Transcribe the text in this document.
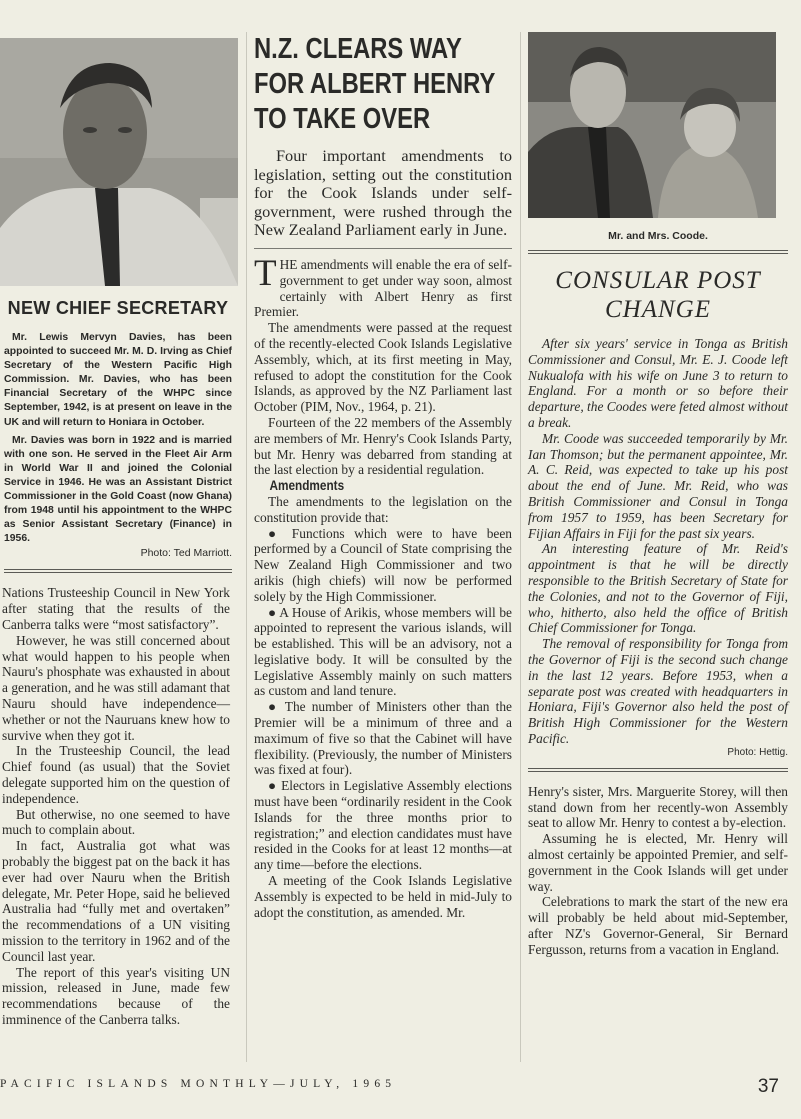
NEW CHIEF SECRETARY

Mr. Lewis Mervyn Davies, has been appointed to succeed Mr. M. D. Irving as Chief Secretary of the Western Pacific High Commission. Mr. Davies, who has been Financial Secretary of the WHPC since September, 1942, is at present on leave in the UK and will return to Honiara in October.

Mr. Davies was born in 1922 and is married with one son. He served in the Fleet Air Arm in World War II and joined the Colonial Service in 1946. He was an Assistant District Commissioner in the Gold Coast (now Ghana) from 1948 until his appointment to the WHPC as Senior Assistant Secretary (Finance) in 1956.

Photo: Ted Marriott.

Nations Trusteeship Council in New York after stating that the results of the Canberra talks were “most satisfactory”.

However, he was still concerned about what would happen to his people when Nauru's phosphate was exhausted in about a generation, and he was still adamant that Nauru should have independence—whether or not the Nauruans knew how to survive when they got it.

In the Trusteeship Council, the lead Chief found (as usual) that the Soviet delegate supported him on the question of independence.

But otherwise, no one seemed to have much to complain about.

In fact, Australia got what was probably the biggest pat on the back it has ever had over Nauru when the British delegate, Mr. Peter Hope, said he believed Australia had “fully met and overtaken” the recommendations of a UN visiting mission to the territory in 1962 and of the Council last year.

The report of this year's visiting UN mission, released in June, made few recommendations because of the imminence of the Canberra talks.

N.Z. CLEARS WAY

FOR ALBERT HENRY

TO TAKE OVER

Four important amendments to legislation, setting out the constitution for the Cook Islands under self-government, were rushed through the New Zealand Parliament early in June.

THE amendments will enable the era of self-government to get under way soon, almost certainly with Albert Henry as first Premier.

The amendments were passed at the request of the recently-elected Cook Islands Legislative Assembly, which, at its first meeting in May, refused to adopt the constitution for the Cook Islands, as approved by the NZ Parliament last October (PIM, Nov., 1964, p. 21).

Fourteen of the 22 members of the Assembly are members of Mr. Henry's Cook Islands Party, but Mr. Henry was debarred from standing at the last election by a residential regulation.

Amendments

The amendments to the legislation on the constitution provide that:

● Functions which were to have been performed by a Council of State comprising the New Zealand High Commissioner and two arikis (high chiefs) will now be performed solely by the High Commissioner.

● A House of Arikis, whose members will be appointed to represent the various islands, will be established. This will be an advisory, not a legislative body. It will be consulted by the Legislative Assembly mainly on such matters as custom and land tenure.

● The number of Ministers other than the Premier will be a minimum of three and a maximum of five so that the Cabinet will have flexibility. (Previously, the number of Ministers was fixed at four).

● Electors in Legislative Assembly elections must have been “ordinarily resident in the Cook Islands for the three months prior to registration;” and election candidates must have resided in the Cooks for at least 12 months—at any time—before the elections.

A meeting of the Cook Islands Legislative Assembly is expected to be held in mid-July to adopt the constitution, as amended. Mr.

Mr. and Mrs. Coode.

CONSULAR POST

CHANGE

After six years' service in Tonga as British Commissioner and Consul, Mr. E. J. Coode left Nukualofa with his wife on June 3 to return to England. For a month or so before their departure, the Coodes were feted almost without a break.

Mr. Coode was succeeded temporarily by Mr. Ian Thomson; but the permanent appointee, Mr. A. C. Reid, was expected to take up his post about the end of June. Mr. Reid, who was British Commissioner and Consul in Tonga from 1957 to 1959, has been Secretary for Fijian Affairs in Fiji for the past six years.

An interesting feature of Mr. Reid's appointment is that he will be directly responsible to the British Secretary of State for the Colonies, and not to the Governor of Fiji, who, hitherto, also held the office of British Chief Commissioner for Tonga.

The removal of responsibility for Tonga from the Governor of Fiji is the second such change in the last 12 years. Before 1953, when a separate post was created with headquarters in Honiara, Fiji's Governor also held the post of British High Commissioner for the Western Pacific.

Photo: Hettig.

Henry's sister, Mrs. Marguerite Storey, will then stand down from her recently-won Assembly seat to allow Mr. Henry to contest a by-election.

Assuming he is elected, Mr. Henry will almost certainly be appointed Premier, and self-government in the Cook Islands will get under way.

Celebrations to mark the start of the new era will probably be held about mid-September, after NZ's Governor-General, Sir Bernard Fergusson, returns from a vacation in England.

PACIFIC ISLANDS MONTHLY—JULY, 1965	37
